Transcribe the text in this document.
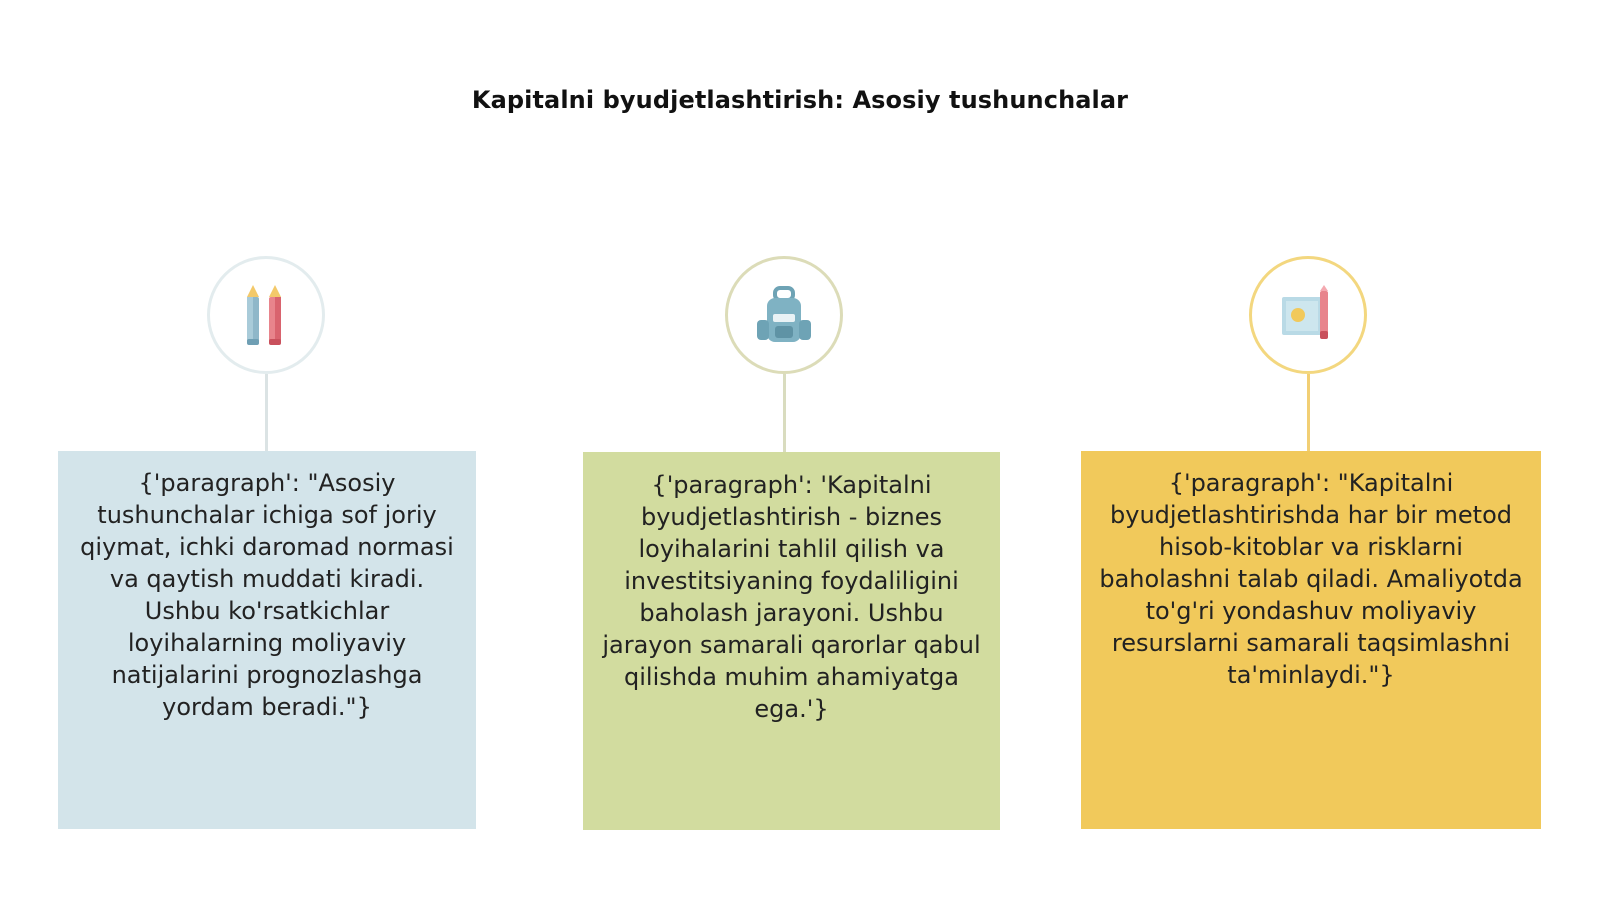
Kapitalni byudjetlashtirish: Asosiy tushunchalar
{'paragraph': "Asosiy tushunchalar ichiga sof joriy qiymat, ichki daromad normasi va qaytish muddati kiradi. Ushbu ko'rsatkichlar loyihalarning moliyaviy natijalarini prognozlashga yordam beradi."}
{'paragraph': 'Kapitalni byudjetlashtirish - biznes loyihalarini tahlil qilish va investitsiyaning foydaliligini baholash jarayoni. Ushbu jarayon samarali qarorlar qabul qilishda muhim ahamiyatga ega.'}
{'paragraph': "Kapitalni byudjetlashtirishda har bir metod hisob-kitoblar va risklarni baholashni talab qiladi. Amaliyotda to'g'ri yondashuv moliyaviy resurslarni samarali taqsimlashni ta'minlaydi."}
